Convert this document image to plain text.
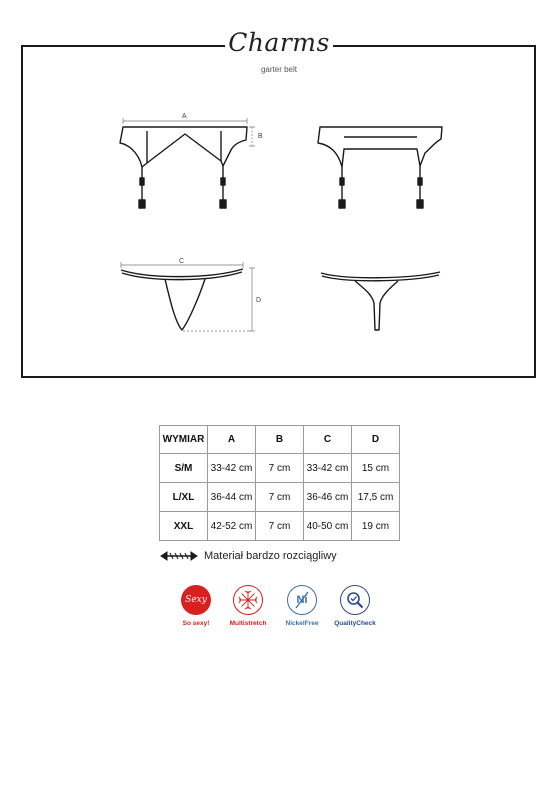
Charms
garter belt
A
B
C
D
WYMIAR	A	B	C	D
S/M	33-42 cm	7 cm	33-42 cm	15 cm
L/XL	36-44 cm	7 cm	36-46 cm	17,5 cm
XXL	42-52 cm	7 cm	40-50 cm	19 cm
Materiał bardzo rozciągliwy
Sexy
So sexy!	Multistretch
Ni
NickelFree	QualityCheck
